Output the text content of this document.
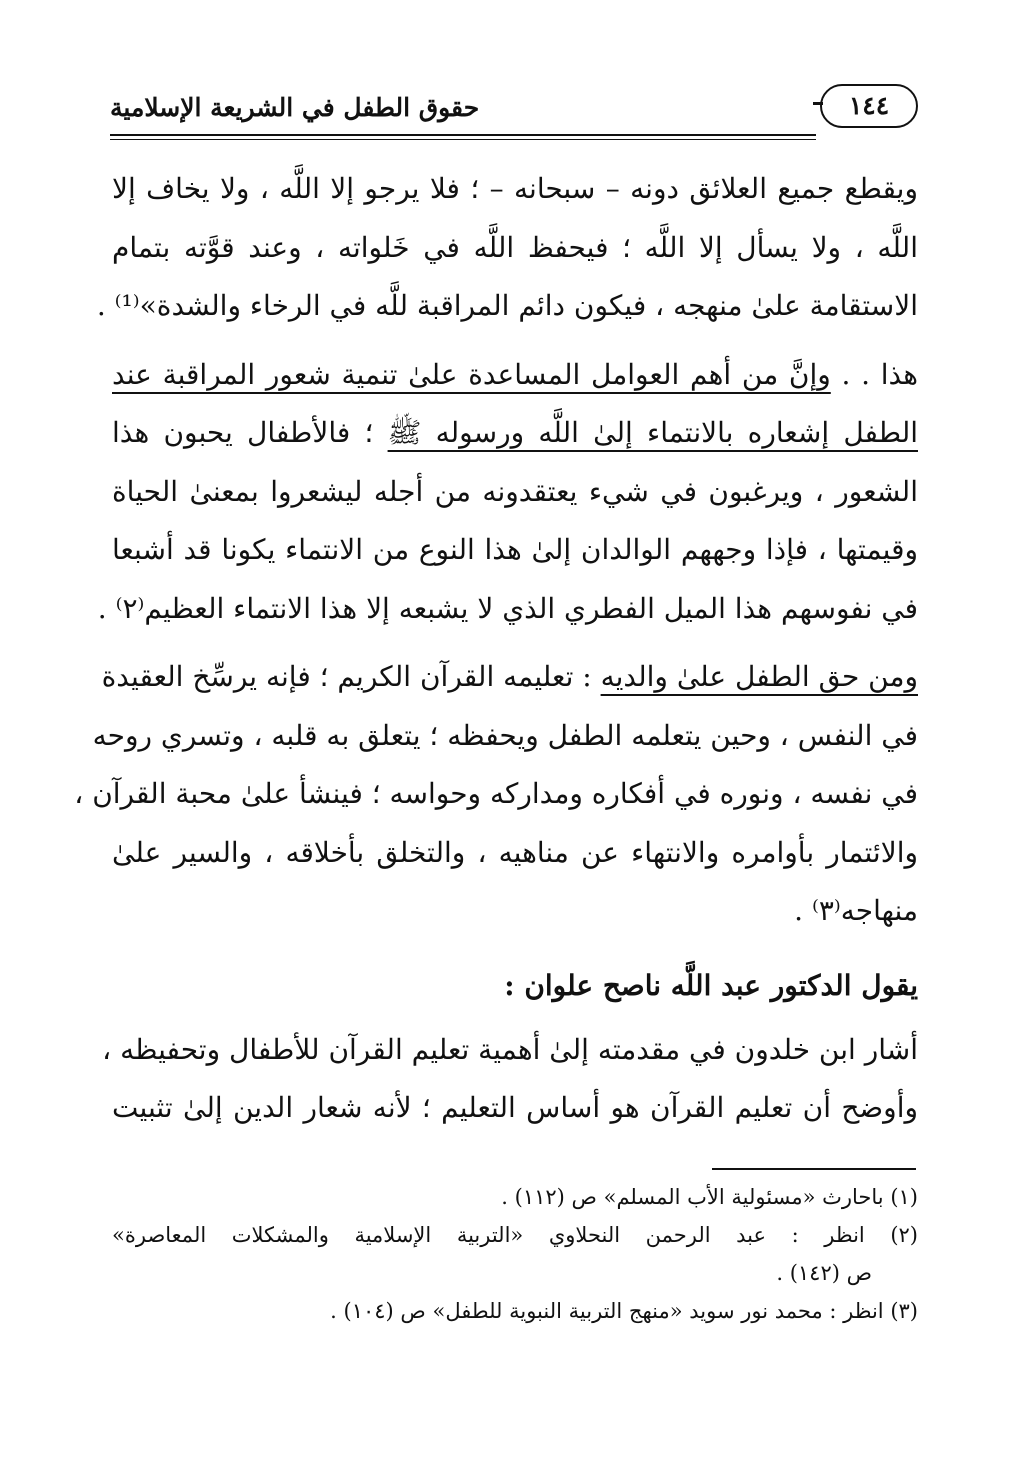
١٤٤
حقوق الطفل في الشريعة الإسلامية
ويقطع جميع العلائق دونه – سبحانه – ؛ فلا يرجو إلا اللَّه ، ولا يخاف إلا
اللَّه ، ولا يسأل إلا اللَّه ؛ فيحفظ اللَّه في خَلواته ، وعند قوَّته بتمام
الاستقامة علىٰ منهجه ، فيكون دائم المراقبة للَّه في الرخاء والشدة»⁽¹⁾ .
هذا . . وإنَّ من أهم العوامل المساعدة علىٰ تنمية شعور المراقبة عند
الطفل إشعاره بالانتماء إلىٰ اللَّه ورسوله ﷺ ؛ فالأطفال يحبون هذا
الشعور ، ويرغبون في شيء يعتقدونه من أجله ليشعروا بمعنىٰ الحياة
وقيمتها ، فإذا وجههم الوالدان إلىٰ هذا النوع من الانتماء يكونا قد أشبعا
في نفوسهم هذا الميل الفطري الذي لا يشبعه إلا هذا الانتماء العظيم⁽٢⁾ .
ومن حق الطفل علىٰ والديه : تعليمه القرآن الكريم ؛ فإنه يرسِّخ العقيدة
في النفس ، وحين يتعلمه الطفل ويحفظه ؛ يتعلق به قلبه ، وتسري روحه
في نفسه ، ونوره في أفكاره ومداركه وحواسه ؛ فينشأ علىٰ محبة القرآن ،
والائتمار بأوامره والانتهاء عن مناهيه ، والتخلق بأخلاقه ، والسير علىٰ
منهاجه⁽٣⁾ .
يقول الدكتور عبد اللَّه ناصح علوان :
أشار ابن خلدون في مقدمته إلىٰ أهمية تعليم القرآن للأطفال وتحفيظه ،
وأوضح أن تعليم القرآن هو أساس التعليم ؛ لأنه شعار الدين إلىٰ تثبيت
(١) باحارث «مسئولية الأب المسلم» ص (١١٢) .
(٢) انظر : عبد الرحمن النحلاوي «التربية الإسلامية والمشكلات المعاصرة»
ص (١٤٢) .
(٣) انظر : محمد نور سويد «منهج التربية النبوية للطفل» ص (١٠٤) .
